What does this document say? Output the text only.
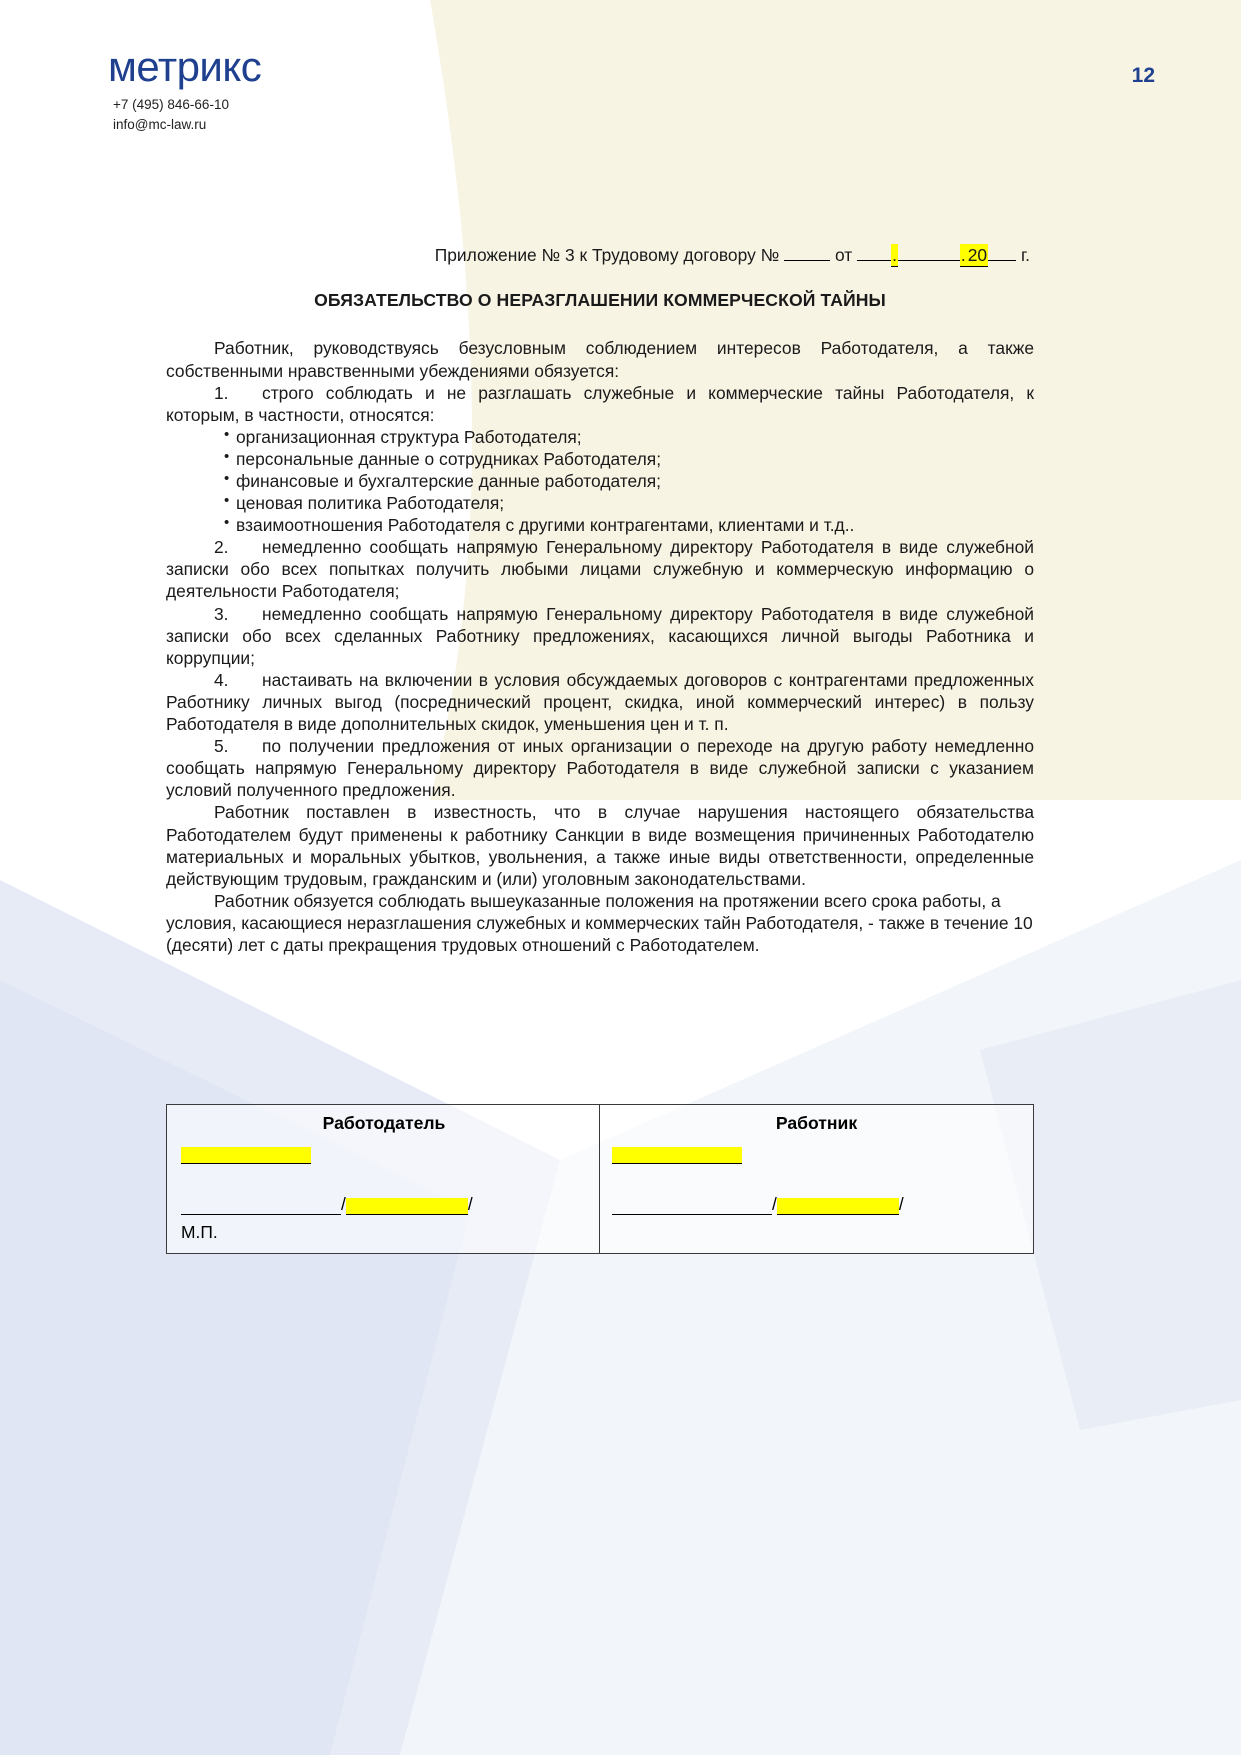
метрикс
+7 (495) 846-66-10
info@mc-law.ru
12
Приложение № 3 к Трудовому договору №	от .	. 20 г.
ОБЯЗАТЕЛЬСТВО О НЕРАЗГЛАШЕНИИ КОММЕРЧЕСКОЙ ТАЙНЫ

Работник, руководствуясь безусловным соблюдением интересов Работодателя, а также собственными нравственными убеждениями обязуется:

1. строго соблюдать и не разглашать служебные и коммерческие тайны Работодателя, к которым, в частности, относятся:

• организационная структура Работодателя;
• персональные данные о сотрудниках Работодателя;
• финансовые и бухгалтерские данные работодателя;
• ценовая политика Работодателя;
• взаимоотношения Работодателя с другими контрагентами, клиентами и т.д..

2. немедленно сообщать напрямую Генеральному директору Работодателя в виде служебной записки обо всех попытках получить любыми лицами служебную и коммерческую информацию о деятельности Работодателя;

3. немедленно сообщать напрямую Генеральному директору Работодателя в виде служебной записки обо всех сделанных Работнику предложениях, касающихся личной выгоды Работника и коррупции;

4. настаивать на включении в условия обсуждаемых договоров с контрагентами предложенных Работнику личных выгод (посреднический процент, скидка, иной коммерческий интерес) в пользу Работодателя в виде дополнительных скидок, уменьшения цен и т. п.

5. по получении предложения от иных организации о переходе на другую работу немедленно сообщать напрямую Генеральному директору Работодателя в виде служебной записки с указанием условий полученного предложения.

Работник поставлен в известность, что в случае нарушения настоящего обязательства Работодателем будут применены к работнику Санкции в виде возмещения причиненных Работодателю материальных и моральных убытков, увольнения, а также иные виды ответственности, определенные действующим трудовым, гражданским и (или) уголовным законодательствами.

Работник обязуется соблюдать вышеуказанные положения на протяжении всего срока работы, а условия, касающиеся неразглашения служебных и коммерческих тайн Работодателя, - также в течение 10 (десяти) лет с даты прекращения трудовых отношений с Работодателем.

Работодатель
/	/
М.П.
Работник
/	/
